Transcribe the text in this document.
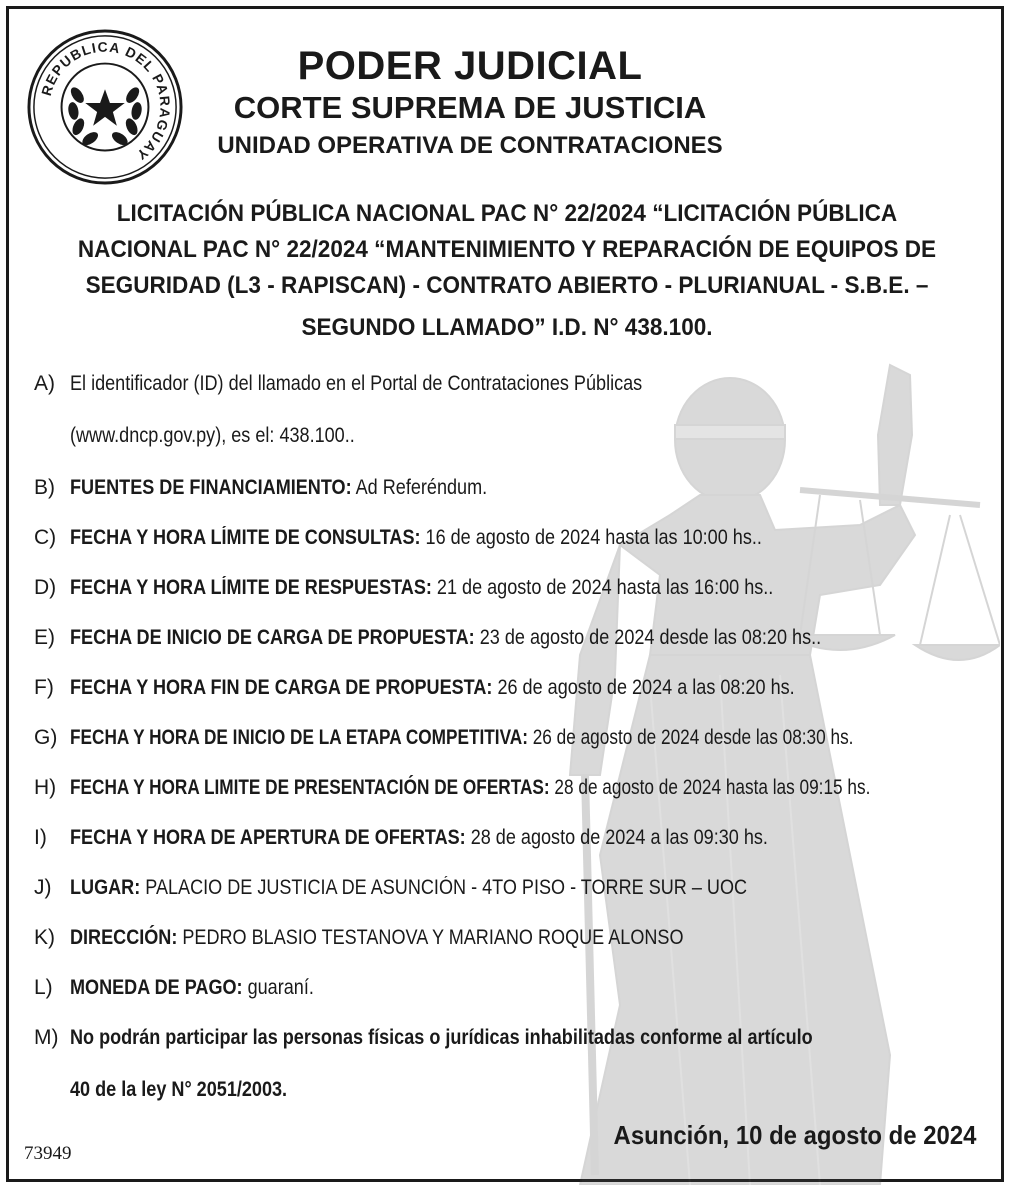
REPUBLICA DEL PARAGUAY
PODER JUDICIAL
CORTE SUPREMA DE JUSTICIA
UNIDAD OPERATIVA DE CONTRATACIONES
LICITACIÓN PÚBLICA NACIONAL PAC N° 22/2024 “LICITACIÓN PÚBLICA
NACIONAL PAC N° 22/2024 “MANTENIMIENTO Y REPARACIÓN DE EQUIPOS DE
SEGURIDAD (L3 - RAPISCAN) - CONTRATO ABIERTO - PLURIANUAL - S.B.E. –
SEGUNDO LLAMADO” I.D. N° 438.100.
A) El identificador (ID) del llamado en el Portal de Contrataciones Públicas
(www.dncp.gov.py), es el: 438.100..
B) FUENTES DE FINANCIAMIENTO: Ad Referéndum.
C) FECHA Y HORA LÍMITE DE CONSULTAS: 16 de agosto de 2024 hasta las 10:00 hs..
D) FECHA Y HORA LÍMITE DE RESPUESTAS: 21 de agosto de 2024 hasta las 16:00 hs..
E) FECHA DE INICIO DE CARGA DE PROPUESTA: 23 de agosto de 2024 desde las 08:20 hs..
F) FECHA Y HORA FIN DE CARGA DE PROPUESTA: 26 de agosto de 2024 a las 08:20 hs.
G) FECHA Y HORA DE INICIO DE LA ETAPA COMPETITIVA: 26 de agosto de 2024 desde las 08:30 hs.
H) FECHA Y HORA LIMITE DE PRESENTACIÓN DE OFERTAS: 28 de agosto de 2024 hasta las 09:15 hs.
I)	FECHA Y HORA DE APERTURA DE OFERTAS: 28 de agosto de 2024 a las 09:30 hs.
J) LUGAR: PALACIO DE JUSTICIA DE ASUNCIÓN - 4TO PISO - TORRE SUR – UOC
K) DIRECCIÓN: PEDRO BLASIO TESTANOVA Y MARIANO ROQUE ALONSO
L) MONEDA DE PAGO: guaraní.
M) No podrán participar las personas físicas o jurídicas inhabilitadas conforme al artículo
40 de la ley N° 2051/2003.
Asunción, 10 de agosto de 2024
73949
